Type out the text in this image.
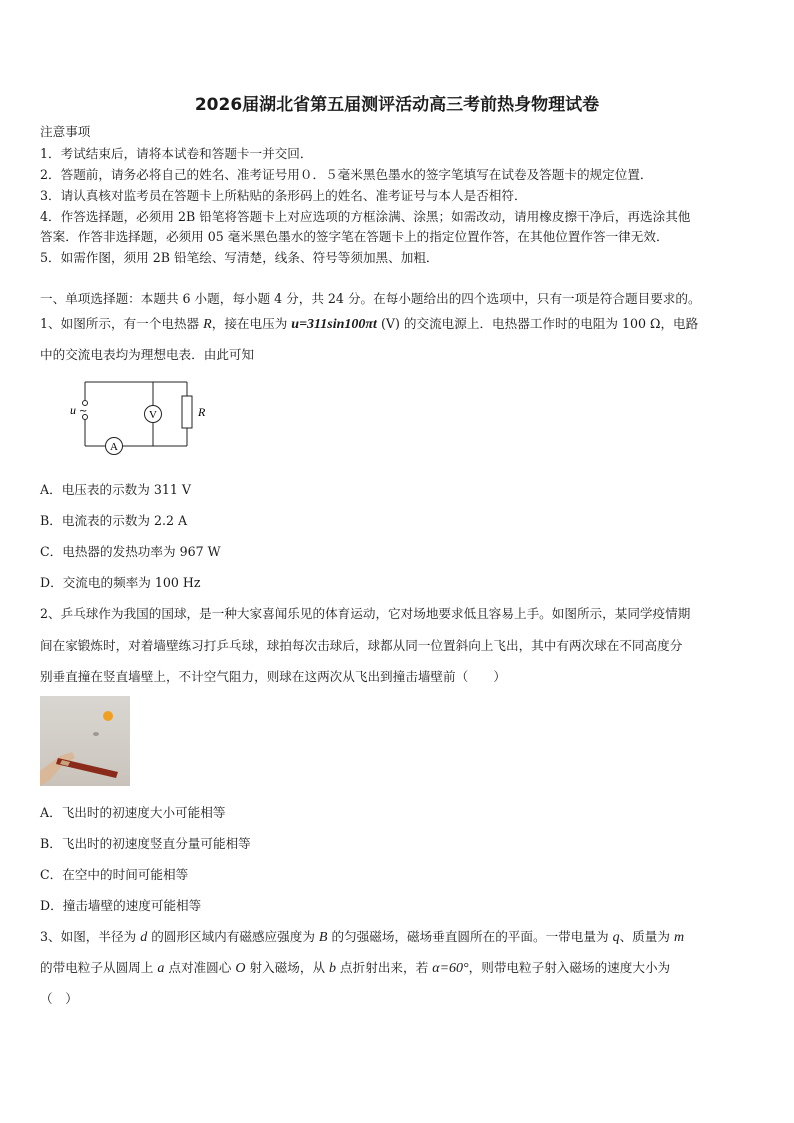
2026届湖北省第五届测评活动高三考前热身物理试卷
注意事项
1．考试结束后，请将本试卷和答题卡一并交回．
2．答题前，请务必将自己的姓名、准考证号用０．５毫米黑色墨水的签字笔填写在试卷及答题卡的规定位置．
3．请认真核对监考员在答题卡上所粘贴的条形码上的姓名、准考证号与本人是否相符．
4．作答选择题，必须用 2B 铅笔将答题卡上对应选项的方框涂满、涂黑；如需改动，请用橡皮擦干净后，再选涂其他
答案．作答非选择题，必须用 05 毫米黑色墨水的签字笔在答题卡上的指定位置作答，在其他位置作答一律无效．
5．如需作图，须用 2B 铅笔绘、写清楚，线条、符号等须加黑、加粗．
一、单项选择题：本题共 6 小题，每小题 4 分，共 24 分。在每小题给出的四个选项中，只有一项是符合题目要求的。
1、如图所示，有一个电热器 R，接在电压为 u=311sin100πt (V) 的交流电源上．电热器工作时的电阻为 100 Ω，电路
中的交流电表均为理想电表．由此可知
u ~	V
A
R
A．电压表的示数为 311 V
B．电流表的示数为 2.2 A
C．电热器的发热功率为 967 W
D．交流电的频率为 100 Hz
2、乒乓球作为我国的国球，是一种大家喜闻乐见的体育运动，它对场地要求低且容易上手。如图所示，某同学疫情期
间在家锻炼时，对着墙壁练习打乒乓球，球拍每次击球后，球都从同一位置斜向上飞出，其中有两次球在不同高度分
别垂直撞在竖直墙壁上，不计空气阻力，则球在这两次从飞出到撞击墙壁前（　　）
A．飞出时的初速度大小可能相等
B．飞出时的初速度竖直分量可能相等
C．在空中的时间可能相等
D．撞击墙壁的速度可能相等
3、如图，半径为 d 的圆形区域内有磁感应强度为 B 的匀强磁场，磁场垂直圆所在的平面。一带电量为 q、质量为 m
的带电粒子从圆周上 a 点对准圆心 O 射入磁场，从 b 点折射出来，若 α=60°，则带电粒子射入磁场的速度大小为
（　）
